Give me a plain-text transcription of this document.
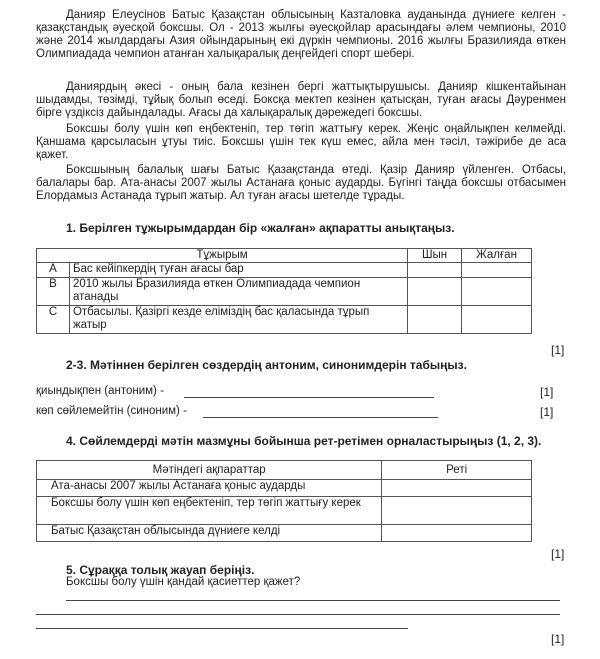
Данияр Елеусінов Батыс Қазақстан облысының Казталовка ауданында дүниеге келген - қазақстандық әуесқой боксшы. Ол - 2013 жылғы әуесқойлар арасындағы әлем чемпионы, 2010 және 2014 жылдардағы Азия ойындарының екі дүркін чемпионы. 2016 жылғы Бразилияда өткен Олимпиадада чемпион атанған халықаралық деңгейдегі спорт шебері.
Даниярдың әкесі - оның бала кезінен бергі жаттықтырушысы. Данияр кішкентайынан шыдамды, төзімді, тұйық болып өседі. Боксқа мектеп кезінен қатысқан, туған ағасы Дәуренмен бірге үздіксіз дайындалады. Ағасы да халықаралық дәрежедегі боксшы.
Боксшы болу үшін көп еңбектеніп, тер төгіп жаттығу керек. Жеңіс оңайлықпен келмейді. Қаншама қарсыласын ұтуы тиіс. Боксшы үшін тек күш емес, айла мен тәсіл, тәжірибе де аса қажет.
Боксшының балалық шағы Батыс Қазақстанда өтеді. Қазір Данияр үйленген. Отбасы, балалары бар. Ата-анасы 2007 жылы Астанаға қоныс аударды. Бүгінгі таңда боксшы отбасымен Елордамыз Астанада тұрып жатыр. Ал туған ағасы шетелде тұрады.
1. Берілген тұжырымдардан бір «жалған» ақпаратты анықтаңыз.
Тұжырым		Шын	Жалған
A	Бас кейіпкердің туған ағасы бар		
B	2010 жылы Бразилияда өткен Олимпиадада чемпион атанады		
C	Отбасылы. Қазіргі кезде еліміздің бас қаласында тұрып жатыр		
[1]
2-3. Мәтіннен берілген сөздердің антоним, синонимдерін табыңыз.
қиындықпен (антоним) -	[1]
көп сөйлемейтін (синоним) -	[1]
4. Сөйлемдерді мәтін мазмұны бойынша рет-ретімен орналастырыңыз (1, 2, 3).
Мәтіндегі ақпараттар	Реті
Ата-анасы 2007 жылы Астанаға қоныс аударды	
Боксшы болу үшін көп еңбектеніп, тер төгіп жаттығу керек	
Батыс Қазақстан облысында дүниеге келді	
[1]
5. Сұраққа толық жауап беріңіз.
Боксшы болу үшін қандай қасиеттер қажет?
[1]
